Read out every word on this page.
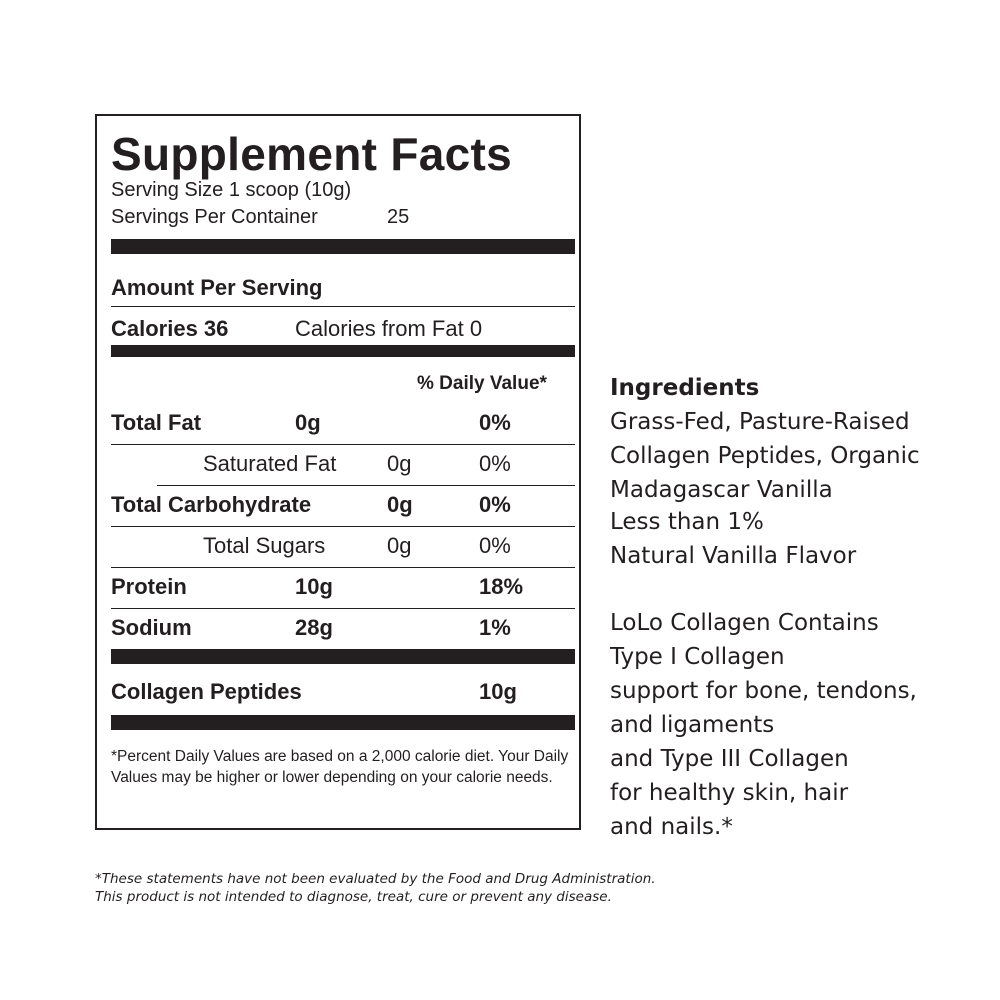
Supplement Facts
Serving Size 1 scoop (10g)
Servings Per Container	25
Amount Per Serving
Calories 36	Calories from Fat 0
% Daily Value*
Total Fat	0g	0%
Saturated Fat 0g	0%
Total Carbohydrate	0g	0%
Total Sugars	0g	0%
Protein	10g	18%
Sodium	28g	1%
Collagen Peptides	10g
*Percent Daily Values are based on a 2,000 calorie diet. Your Daily Values may be higher or lower depending on your calorie needs.
Ingredients
Grass-Fed, Pasture-Raised
Collagen Peptides, Organic
Madagascar Vanilla
Less than 1%
Natural Vanilla Flavor
LoLo Collagen Contains
Type I Collagen
support for bone, tendons,
and ligaments
and Type III Collagen
for healthy skin, hair
and nails.*
*These statements have not been evaluated by the Food and Drug Administration.
This product is not intended to diagnose, treat, cure or prevent any disease.
